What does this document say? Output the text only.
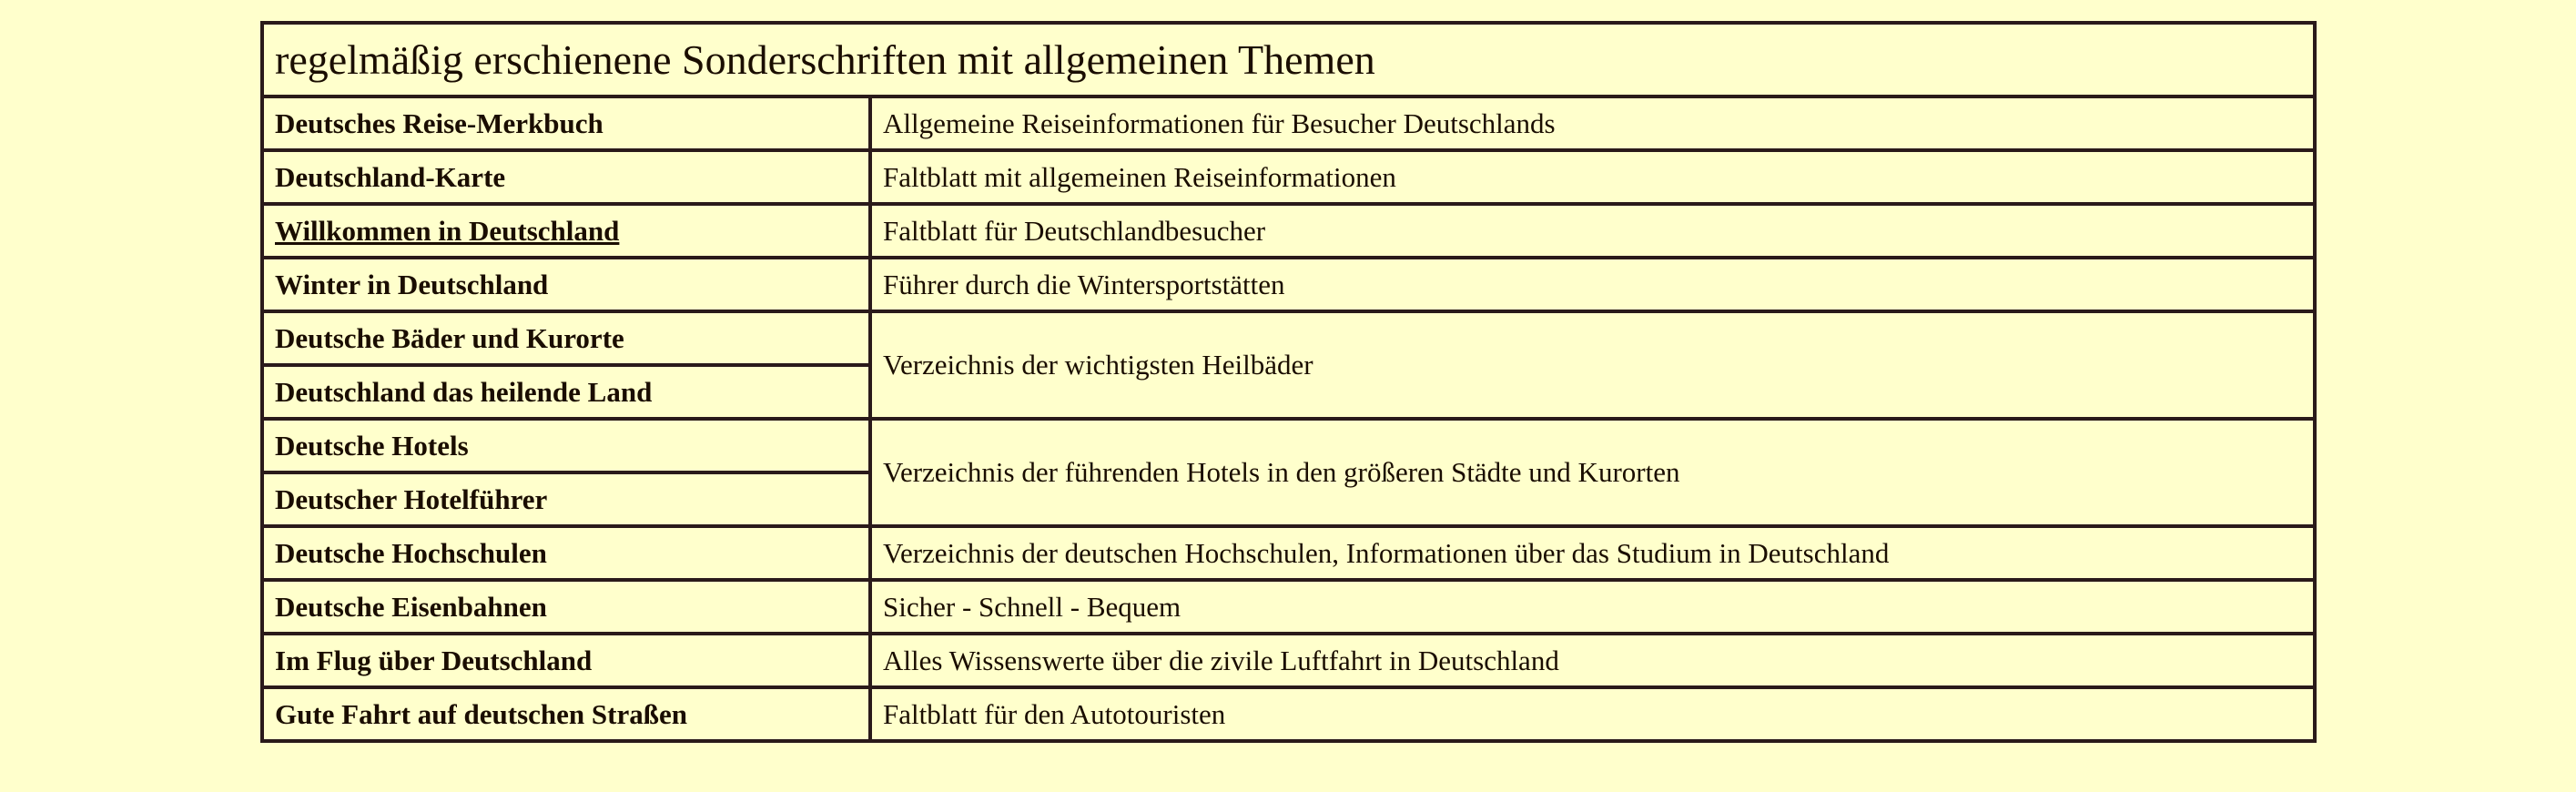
regelmäßig erschienene Sonderschriften mit allgemeinen Themen	
Deutsches Reise-Merkbuch	Allgemeine Reiseinformationen für Besucher Deutschlands
Deutschland-Karte	Faltblatt mit allgemeinen Reiseinformationen
Willkommen in Deutschland	Faltblatt für Deutschlandbesucher
Winter in Deutschland	Führer durch die Wintersportstätten
Deutsche Bäder und Kurorte	Verzeichnis der wichtigsten Heilbäder
Deutschland das heilende Land	
Deutsche Hotels	Verzeichnis der führenden Hotels in den größeren Städte und Kurorten
Deutscher Hotelführer	
Deutsche Hochschulen	Verzeichnis der deutschen Hochschulen, Informationen über das Studium in Deutschland
Deutsche Eisenbahnen	Sicher - Schnell - Bequem
Im Flug über Deutschland	Alles Wissenswerte über die zivile Luftfahrt in Deutschland
Gute Fahrt auf deutschen Straßen	Faltblatt für den Autotouristen
